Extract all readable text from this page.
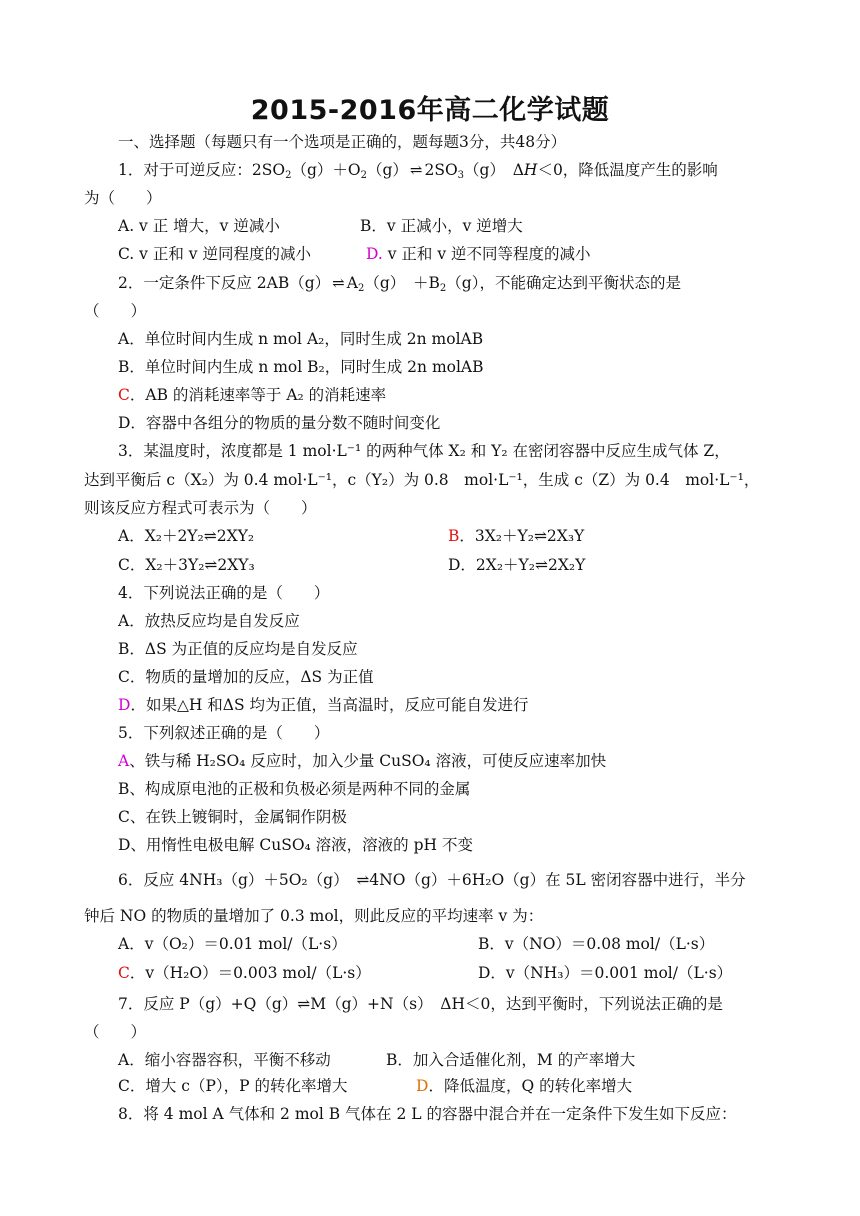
2015-2016年高二化学试题
一、选择题（每题只有一个选项是正确的，题每题3分，共48分）
1．对于可逆反应：$2SO_2(g)+O_2(g)$ ⇌ $2SO_3(g)$　ΔH＜0，降低温度产生的影响
为（　　）
A. v 正 增大，v 逆减小	B．v 正减小，v 逆增大
C. v 正和 v 逆同程度的减小	D. v 正和 v 逆不同等程度的减小
2．一定条件下反应 2AB（g） ⇌ $A_2(g)$　$+B_2(g)$，不能确定达到平衡状态的是
（　　）
A．单位时间内生成 n mol A₂，同时生成 2n molAB
B．单位时间内生成 n mol B₂，同时生成 2n molAB
C．AB 的消耗速率等于 A₂ 的消耗速率
D．容器中各组分的物质的量分数不随时间变化
3．某温度时，浓度都是 1 mol·L⁻¹ 的两种气体 X₂ 和 Y₂ 在密闭容器中反应生成气体 Z，
达到平衡后 c（X₂）为 0.4 mol·L⁻¹，c（Y₂）为 0.8　mol·L⁻¹，生成 c（Z）为 0.4　mol·L⁻¹，
则该反应方程式可表示为（　　）
A．X₂＋2Y₂⇌2XY₂	B．3X₂＋Y₂⇌2X₃Y
C．X₂＋3Y₂⇌2XY₃	D．2X₂＋Y₂⇌2X₂Y
4．下列说法正确的是（　　）
A．放热反应均是自发反应
B．ΔS 为正值的反应均是自发反应
C．物质的量增加的反应，ΔS 为正值
D．如果△H 和ΔS 均为正值，当高温时，反应可能自发进行
5．下列叙述正确的是（　　）
A、铁与稀 H₂SO₄ 反应时，加入少量 CuSO₄ 溶液，可使反应速率加快
B、构成原电池的正极和负极必须是两种不同的金属
C、在铁上镀铜时，金属铜作阴极
D、用惰性电极电解 CuSO₄ 溶液，溶液的 pH 不变
6．反应 4NH₃（g）＋5O₂（g）　⇌4NO（g）＋6H₂O（g）在 5L 密闭容器中进行，半分
钟后 NO 的物质的量增加了 0.3 mol，则此反应的平均速率 v 为：
A．v（O₂）＝0.01 mol/（L·s）	B．v（NO）＝0.08 mol/（L·s）
C．v（H₂O）＝0.003 mol/（L·s）	D．v（NH₃）＝0.001 mol/（L·s）
7．反应 P（g）+Q（g）⇌M（g）+N（s）　ΔH＜0，达到平衡时，下列说法正确的是
（　　）
A．缩小容器容积，平衡不移动	B．加入合适催化剂，M 的产率增大
C．增大 c（P），P 的转化率增大	D．降低温度，Q 的转化率增大
8．将 4 mol A 气体和 2 mol B 气体在 2 L 的容器中混合并在一定条件下发生如下反应：
